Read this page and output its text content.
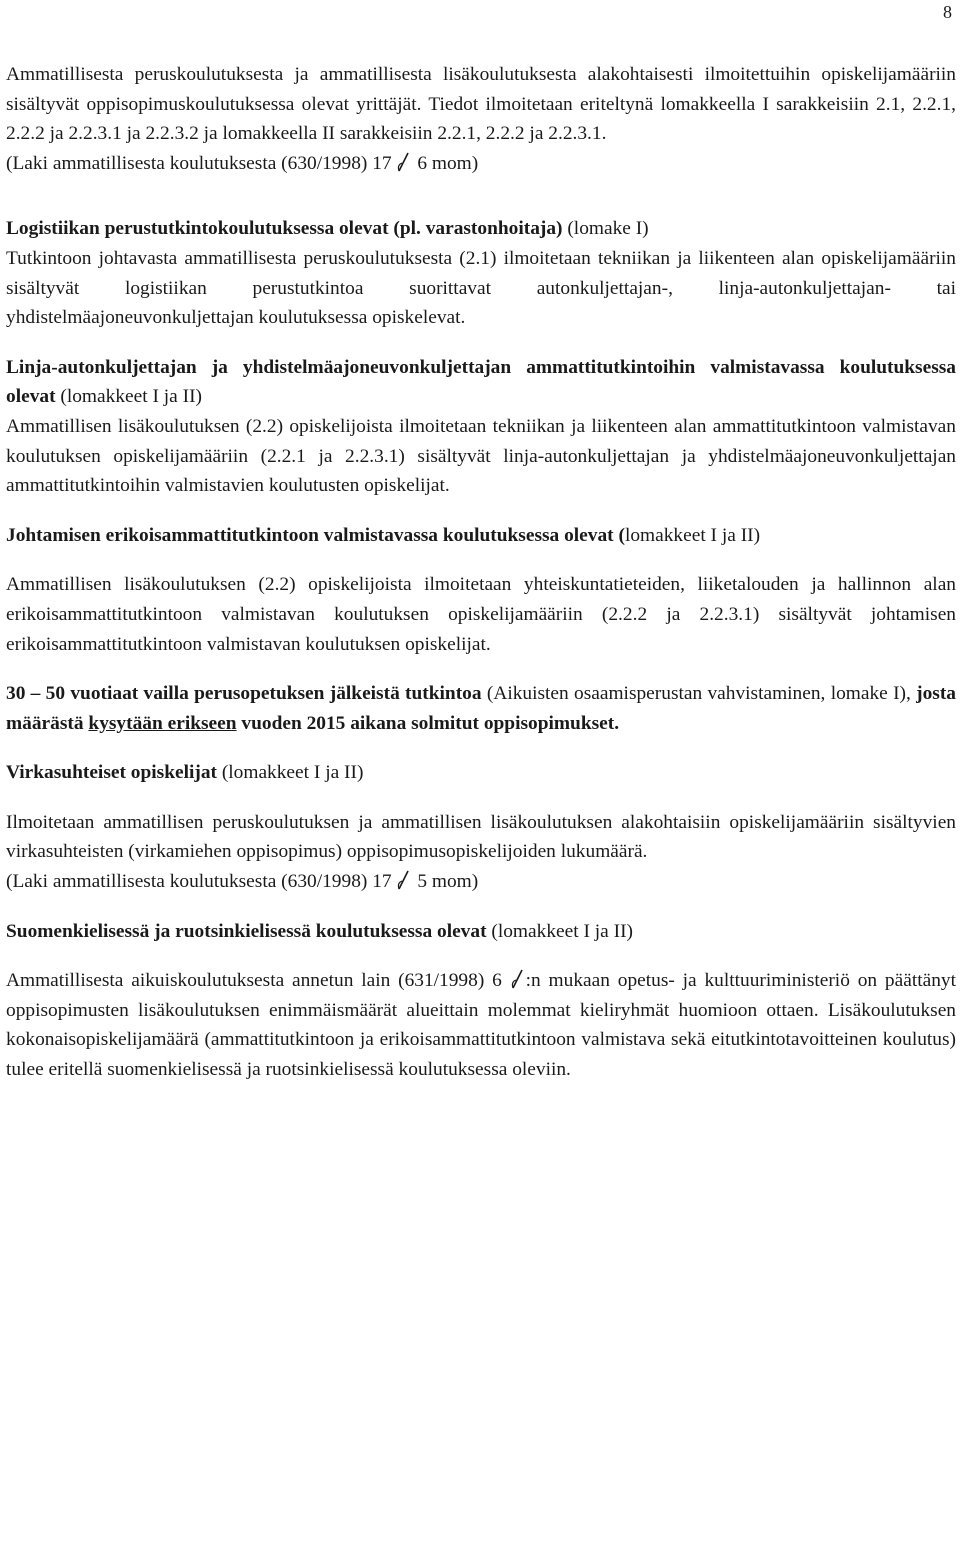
8

Ammatillisesta peruskoulutuksesta ja ammatillisesta lisäkoulutuksesta alakohtaisesti ilmoitettuihin opiskelijamääriin sisältyvät oppisopimuskoulutuksessa olevat yrittäjät. Tiedot ilmoitetaan eriteltynä lomakkeella I sarakkeisiin 2.1, 2.2.1, 2.2.2 ja 2.2.3.1 ja 2.2.3.2 ja lomakkeella II sarakkeisiin 2.2.1, 2.2.2 ja 2.2.3.1.

(Laki ammatillisesta koulutuksesta (630/1998) 17 6 mom)

Logistiikan perustutkintokoulutuksessa olevat (pl. varastonhoitaja) (lomake I)

Tutkintoon johtavasta ammatillisesta peruskoulutuksesta (2.1) ilmoitetaan tekniikan ja liikenteen alan opiskelijamääriin sisältyvät logistiikan perustutkintoa suorittavat autonkuljettajan-, linja-autonkuljettajan- tai yhdistelmäajoneuvonkuljettajan koulutuksessa opiskelevat.

Linja-autonkuljettajan ja yhdistelmäajoneuvonkuljettajan ammattitutkintoihin valmistavassa koulutuksessa olevat (lomakkeet I ja II)

Ammatillisen lisäkoulutuksen (2.2) opiskelijoista ilmoitetaan tekniikan ja liikenteen alan ammattitutkintoon valmistavan koulutuksen opiskelijamääriin (2.2.1 ja 2.2.3.1) sisältyvät linja-autonkuljettajan ja yhdistelmäajoneuvonkuljettajan ammattitutkintoihin valmistavien koulutusten opiskelijat.

Johtamisen erikoisammattitutkintoon valmistavassa koulutuksessa olevat (lomakkeet I ja II)

Ammatillisen lisäkoulutuksen (2.2) opiskelijoista ilmoitetaan yhteiskuntatieteiden, liiketalouden ja hallinnon alan erikoisammattitutkintoon valmistavan koulutuksen opiskelijamääriin (2.2.2 ja 2.2.3.1) sisältyvät johtamisen erikoisammattitutkintoon valmistavan koulutuksen opiskelijat.

30 – 50 vuotiaat vailla perusopetuksen jälkeistä tutkintoa (Aikuisten osaamisperustan vahvistaminen, lomake I), josta määrästä kysytään erikseen vuoden 2015 aikana solmitut oppisopimukset.

Virkasuhteiset opiskelijat (lomakkeet I ja II)

Ilmoitetaan ammatillisen peruskoulutuksen ja ammatillisen lisäkoulutuksen alakohtaisiin opiskelijamääriin sisältyvien virkasuhteisten (virkamiehen oppisopimus) oppisopimusopiskelijoiden lukumäärä.

(Laki ammatillisesta koulutuksesta (630/1998) 17 5 mom)

Suomenkielisessä ja ruotsinkielisessä koulutuksessa olevat (lomakkeet I ja II)

Ammatillisesta aikuiskoulutuksesta annetun lain (631/1998) 6 :n mukaan opetus- ja kulttuuriministeriö on päättänyt oppisopimusten lisäkoulutuksen enimmäismäärät alueittain molemmat kieliryhmät huomioon ottaen. Lisäkoulutuksen kokonaisopiskelijamäärä (ammattitutkintoon ja erikoisammattitutkintoon valmistava sekä eitutkintotavoitteinen koulutus) tulee eritellä suomenkielisessä ja ruotsinkielisessä koulutuksessa oleviin.
